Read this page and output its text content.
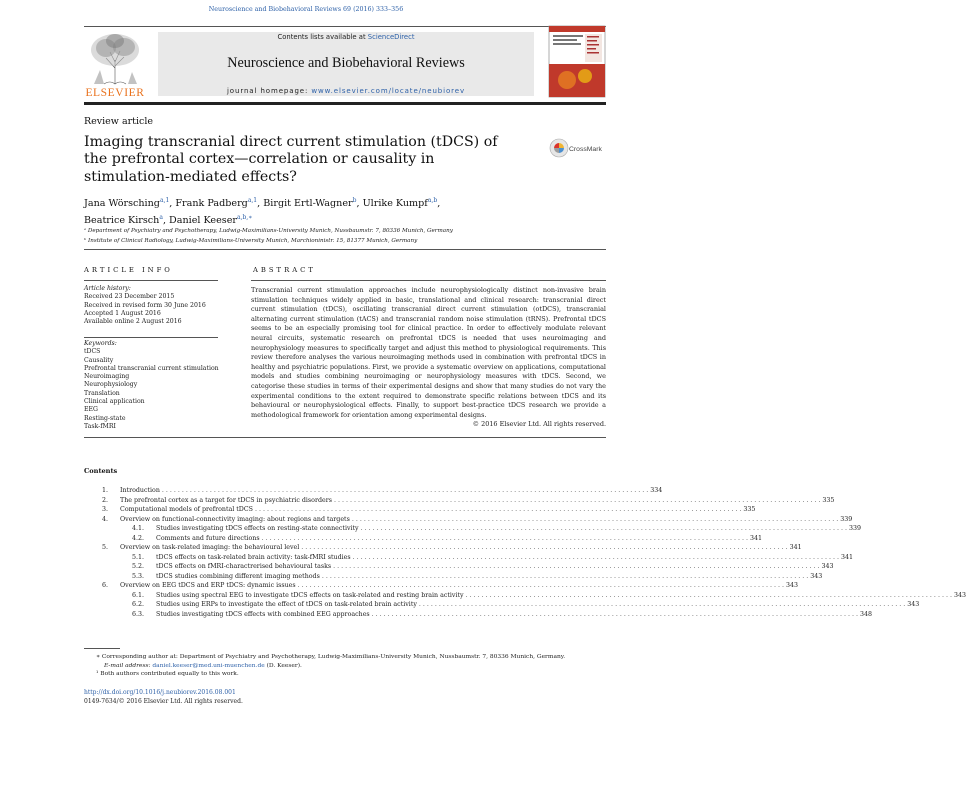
Neuroscience and Biobehavioral Reviews 69 (2016) 333–356
ELSEVIER
Contents lists available at ScienceDirect
Neuroscience and Biobehavioral Reviews
journal homepage: www.elsevier.com/locate/neubiorev
Review article
Imaging transcranial direct current stimulation (tDCS) of the prefrontal cortex—correlation or causality in stimulation-mediated effects?
CrossMark
Jana Wörsching$^{a,1}$, Frank Padberg$^{a,1}$, Birgit Ertl-Wagner$^b$, Ulrike Kumpf$^{a,b}$,
Beatrice Kirsch$^a$, Daniel Keeser$^{a,b,∗}$
ᵃ Department of Psychiatry and Psychotherapy, Ludwig-Maximilians-University Munich, Nussbaumstr. 7, 80336 Munich, Germany
ᵇ Institute of Clinical Radiology, Ludwig-Maximilians-University Munich, Marchioninistr. 15, 81377 Munich, Germany
ARTICLE INFO
Article history:
Received 23 December 2015
Received in revised form 30 June 2016
Accepted 1 August 2016
Available online 2 August 2016
Keywords:
tDCS
Causality
Prefrontal transcranial current stimulation
Neuroimaging
Neurophysiology
Translation
Clinical application
EEG
Resting-state
Task-fMRI
ABSTRACT
Transcranial current stimulation approaches include neurophysiologically distinct non-invasive brain stimulation techniques widely applied in basic, translational and clinical research: transcranial direct current stimulation (tDCS), oscillating transcranial direct current stimulation (otDCS), transcranial alternating current stimulation (tACS) and transcranial random noise stimulation (tRNS). Prefrontal tDCS seems to be an especially promising tool for clinical practice. In order to effectively modulate relevant neural circuits, systematic research on prefrontal tDCS is needed that uses neuroimaging and neurophysiology measures to specifically target and adjust this method to physiological requirements. This review therefore analyses the various neuroimaging methods used in combination with prefrontal tDCS in healthy and psychiatric populations. First, we provide a systematic overview on applications, computational models and studies combining neuroimaging or neurophysiology measures with tDCS. Second, we categorise these studies in terms of their experimental designs and show that many studies do not vary the experimental conditions to the extent required to demonstrate specific relations between tDCS and its behavioural or neurophysiological effects. Finally, to support best-practice tDCS research we provide a methodological framework for orientation among experimental designs.
© 2016 Elsevier Ltd. All rights reserved.
Contents
1. Introduction . . . . . . . . . . . . . . . . . . . . . . . . . . . . . . . . . . . . . . . . . . . . . . . . . . . . . . . . . . . . . . . . . . . . . . . . . . . . . . . . . . . . . . . . . . . . . . . . . . . . . . . . . . . . . . . . . . . . . . . . . . 334
2. The prefrontal cortex as a target for tDCS in psychiatric disorders . . . . . . . . . . . . . . . . . . . . . . . . . . . . . . . . . . . . . . . . . . . . . . . . . . . . . . . . . . . . . . . . . . . . . . . . . . . . . . . . . . . . . . . . . . . . . . . . . . . . . . . . . . . . . . . . . . . . . . . . . . 335
3. Computational models of prefrontal tDCS . . . . . . . . . . . . . . . . . . . . . . . . . . . . . . . . . . . . . . . . . . . . . . . . . . . . . . . . . . . . . . . . . . . . . . . . . . . . . . . . . . . . . . . . . . . . . . . . . . . . . . . . . . . . . . . . . . . . . . . . . . 335
4. Overview on functional-connectivity imaging: about regions and targets . . . . . . . . . . . . . . . . . . . . . . . . . . . . . . . . . . . . . . . . . . . . . . . . . . . . . . . . . . . . . . . . . . . . . . . . . . . . . . . . . . . . . . . . . . . . . . . . . . . . . . . . . . . . . . . . . . . . . . . . . . 339
4.1. Studies investigating tDCS effects on resting-state connectivity . . . . . . . . . . . . . . . . . . . . . . . . . . . . . . . . . . . . . . . . . . . . . . . . . . . . . . . . . . . . . . . . . . . . . . . . . . . . . . . . . . . . . . . . . . . . . . . . . . . . . . . . . . . . . . . . . . . . . . . . . . 339
4.2. Comments and future directions . . . . . . . . . . . . . . . . . . . . . . . . . . . . . . . . . . . . . . . . . . . . . . . . . . . . . . . . . . . . . . . . . . . . . . . . . . . . . . . . . . . . . . . . . . . . . . . . . . . . . . . . . . . . . . . . . . . . . . . . . . 341
5. Overview on task-related imaging: the behavioural level . . . . . . . . . . . . . . . . . . . . . . . . . . . . . . . . . . . . . . . . . . . . . . . . . . . . . . . . . . . . . . . . . . . . . . . . . . . . . . . . . . . . . . . . . . . . . . . . . . . . . . . . . . . . . . . . . . . . . . . . . . 341
5.1. tDCS effects on task-related brain activity: task-fMRI studies . . . . . . . . . . . . . . . . . . . . . . . . . . . . . . . . . . . . . . . . . . . . . . . . . . . . . . . . . . . . . . . . . . . . . . . . . . . . . . . . . . . . . . . . . . . . . . . . . . . . . . . . . . . . . . . . . . . . . . . . . . 341
5.2. tDCS effects on fMRI-charactrerised behavioural tasks . . . . . . . . . . . . . . . . . . . . . . . . . . . . . . . . . . . . . . . . . . . . . . . . . . . . . . . . . . . . . . . . . . . . . . . . . . . . . . . . . . . . . . . . . . . . . . . . . . . . . . . . . . . . . . . . . . . . . . . . . . 343
5.3. tDCS studies combining different imaging methods . . . . . . . . . . . . . . . . . . . . . . . . . . . . . . . . . . . . . . . . . . . . . . . . . . . . . . . . . . . . . . . . . . . . . . . . . . . . . . . . . . . . . . . . . . . . . . . . . . . . . . . . . . . . . . . . . . . . . . . . . . 343
6. Overview on EEG tDCS and ERP tDCS: dynamic issues . . . . . . . . . . . . . . . . . . . . . . . . . . . . . . . . . . . . . . . . . . . . . . . . . . . . . . . . . . . . . . . . . . . . . . . . . . . . . . . . . . . . . . . . . . . . . . . . . . . . . . . . . . . . . . . . . . . . . . . . . . 343
6.1. Studies using spectral EEG to investigate tDCS effects on task-related and resting brain activity . . . . . . . . . . . . . . . . . . . . . . . . . . . . . . . . . . . . . . . . . . . . . . . . . . . . . . . . . . . . . . . . . . . . . . . . . . . . . . . . . . . . . . . . . . . . . . . . . . . . . . . . . . . . . . . . . . . . . . . . . . 343
6.2. Studies using ERPs to investigate the effect of tDCS on task-related brain activity . . . . . . . . . . . . . . . . . . . . . . . . . . . . . . . . . . . . . . . . . . . . . . . . . . . . . . . . . . . . . . . . . . . . . . . . . . . . . . . . . . . . . . . . . . . . . . . . . . . . . . . . . . . . . . . . . . . . . . . . . . 343
6.3. Studies investigating tDCS effects with combined EEG approaches . . . . . . . . . . . . . . . . . . . . . . . . . . . . . . . . . . . . . . . . . . . . . . . . . . . . . . . . . . . . . . . . . . . . . . . . . . . . . . . . . . . . . . . . . . . . . . . . . . . . . . . . . . . . . . . . . . . . . . . . . . 348
∗ Corresponding author at: Department of Psychiatry and Psychotherapy, Ludwig-Maximilians-University Munich, Nussbaumstr. 7, 80336 Munich, Germany.
E-mail address: daniel.keeser@med.uni-muenchen.de (D. Keeser).
¹ Both authors contributed equally to this work.
http://dx.doi.org/10.1016/j.neubiorev.2016.08.001
0149-7634/© 2016 Elsevier Ltd. All rights reserved.
